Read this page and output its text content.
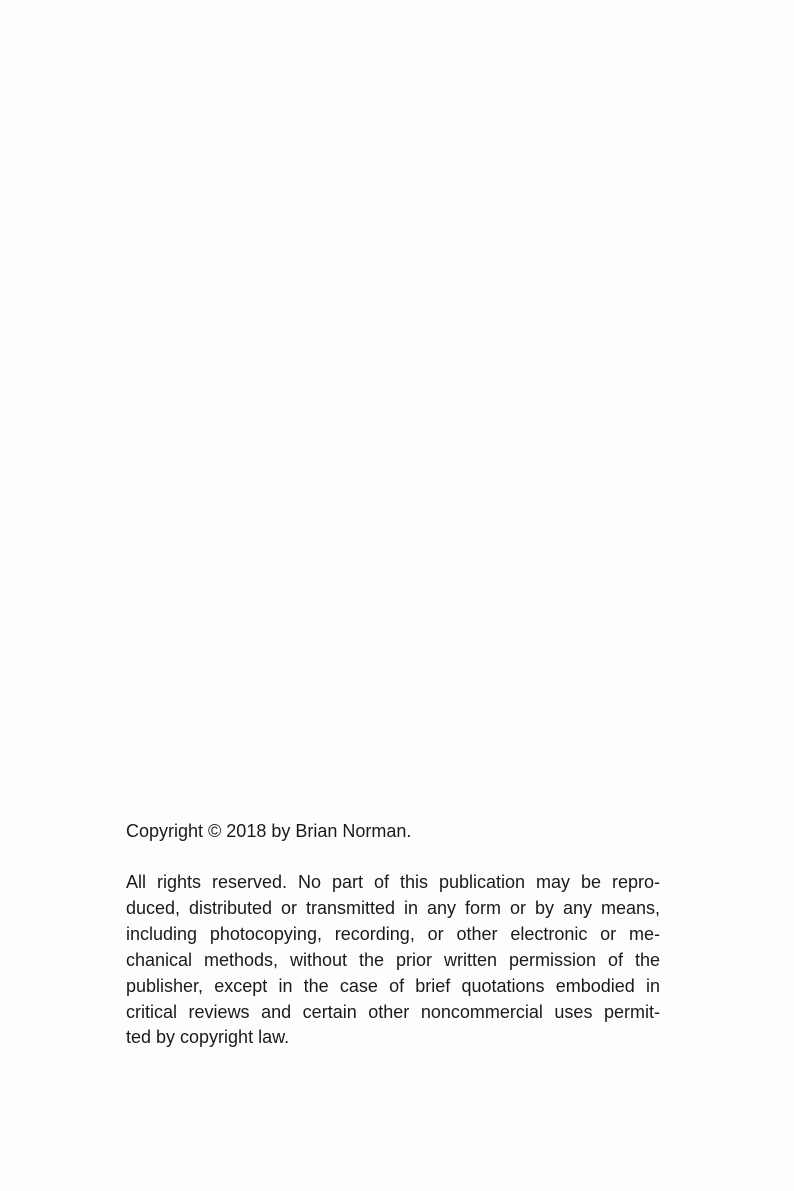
Copyright © 2018 by Brian Norman.

All rights reserved. No part of this publication may be repro-
duced, distributed or transmitted in any form or by any means,
including photocopying, recording, or other electronic or me-
chanical methods, without the prior written permission of the
publisher, except in the case of brief quotations embodied in
critical reviews and certain other noncommercial uses permit-
ted by copyright law.
